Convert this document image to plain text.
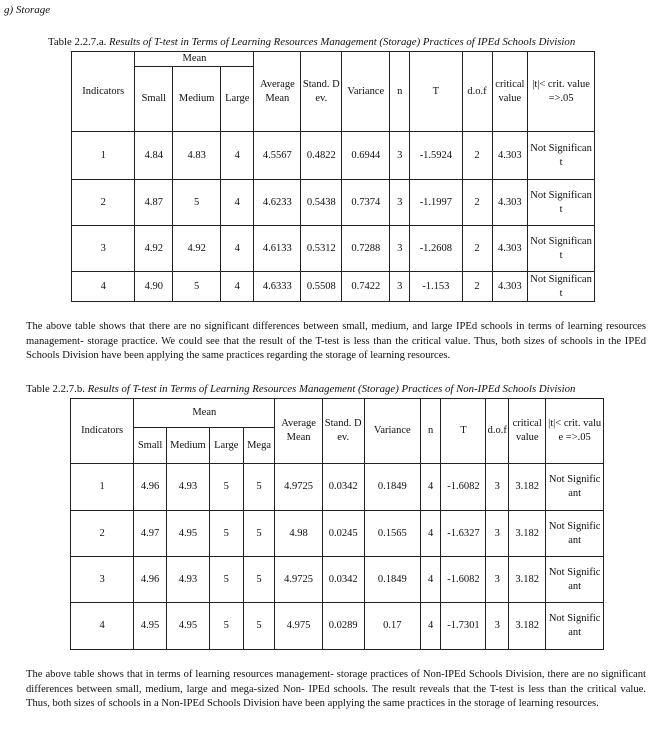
g) Storage
Table 2.2.7.a. Results of T-test in Terms of Learning Resources Management (Storage) Practices of IPEd Schools Division
Indicators	Mean			Average Mean	Stand. Dev.	Variance	n	T	d.o.f	critical value	|t|< crit. value =>.05
	Small	Medium	Large								
1	4.84	4.83	4	4.5567	0.4822	0.6944	3	-1.5924	2	4.303	Not Significant
2	4.87	5	4	4.6233	0.5438	0.7374	3	-1.1997	2	4.303	Not Significant
3	4.92	4.92	4	4.6133	0.5312	0.7288	3	-1.2608	2	4.303	Not Significant
4	4.90	5	4	4.6333	0.5508	0.7422	3	-1.153	2	4.303	Not Significant
The above table shows that there are no significant differences between small, medium, and large IPEd schools in terms of learning resources management- storage practice. We could see that the result of the T-test is less than the critical value. Thus, both sizes of schools in the IPEd Schools Division have been applying the same practices regarding the storage of learning resources.
Table 2.2.7.b. Results of T-test in Terms of Learning Resources Management (Storage) Practices of Non-IPEd Schools Division
Indicators	Mean				Average Mean	Stand. Dev.	Variance	n	T	d.o.f	critical value	|t|< crit. value =>.05
	Small	Medium	Large	Mega								
1	4.96	4.93	5	5	4.9725	0.0342	0.1849	4	-1.6082	3	3.182	Not Significant
2	4.97	4.95	5	5	4.98	0.0245	0.1565	4	-1.6327	3	3.182	Not Significant
3	4.96	4.93	5	5	4.9725	0.0342	0.1849	4	-1.6082	3	3.182	Not Significant
4	4.95	4.95	5	5	4.975	0.0289	0.17	4	-1.7301	3	3.182	Not Significant
The above table shows that in terms of learning resources management- storage practices of Non-IPEd Schools Division, there are no significant differences between small, medium, large and mega-sized Non- IPEd schools. The result reveals that the T-test is less than the critical value. Thus, both sizes of schools in a Non-IPEd Schools Division have been applying the same practices in the storage of learning resources.
